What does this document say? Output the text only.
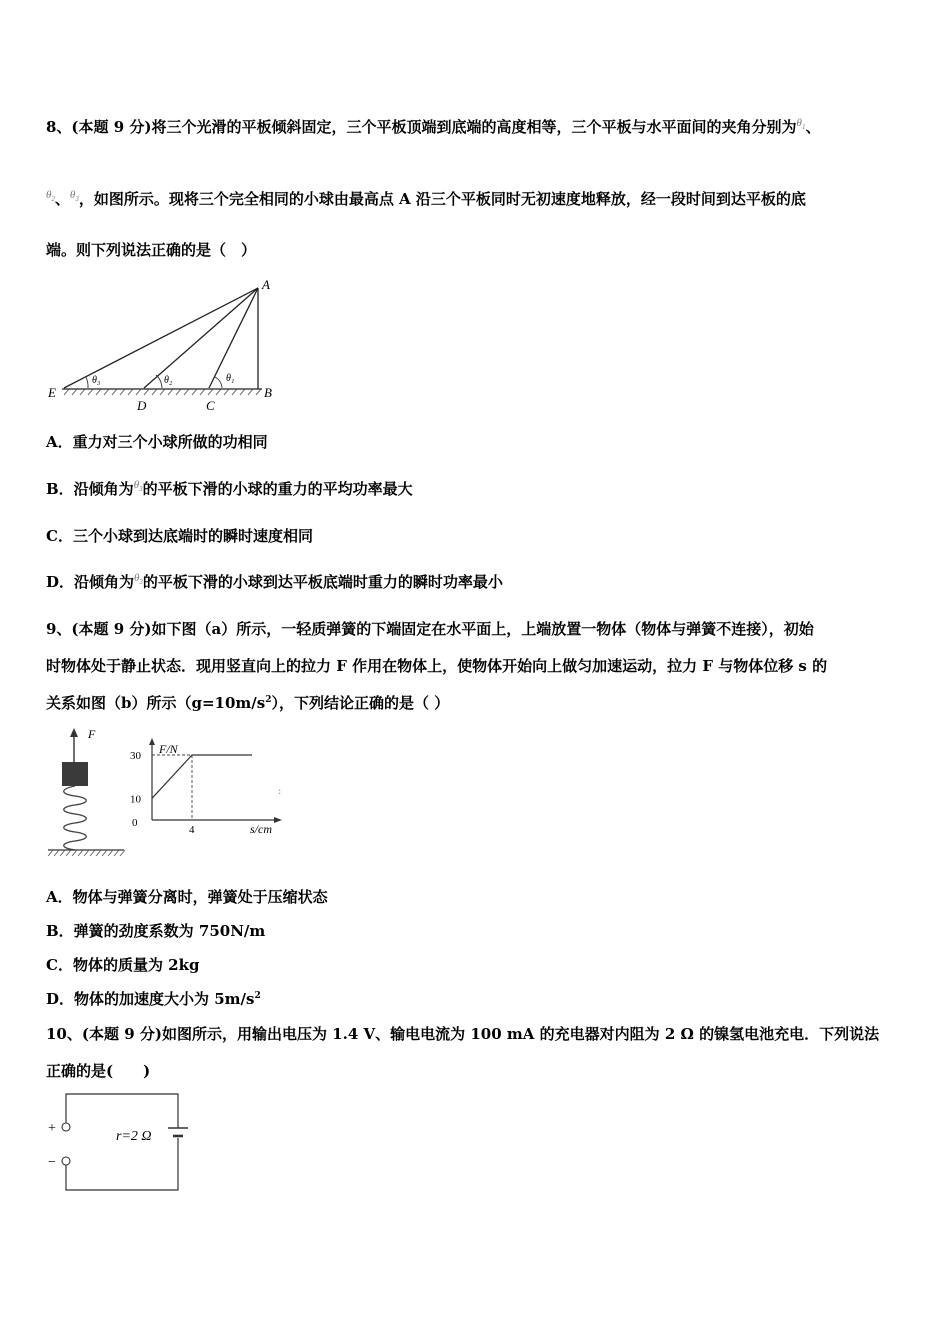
8、(本题 9 分)将三个光滑的平板倾斜固定，三个平板顶端到底端的高度相等，三个平板与水平面间的夹角分别为$\theta_1$、
$\theta_2$、$\theta_3$，如图所示。现将三个完全相同的小球由最高点 A 沿三个平板同时无初速度地释放，经一段时间到达平板的底
端。则下列说法正确的是（　）
θ₃	θ₂	θ₁
A
B
C
D
E
A．重力对三个小球所做的功相同
B．沿倾角为$\theta_3$的平板下滑的小球的重力的平均功率最大
C．三个小球到达底端时的瞬时速度相同
D．沿倾角为$\theta_3$的平板下滑的小球到达平板底端时重力的瞬时功率最小
9、(本题 9 分)如下图（a）所示，一轻质弹簧的下端固定在水平面上，上端放置一物体（物体与弹簧不连接），初始
时物体处于静止状态．现用竖直向上的拉力 F 作用在物体上，使物体开始向上做匀加速运动，拉力 F 与物体位移 s 的
关系如图（b）所示$(g=10m/s^2)$，下列结论正确的是（ ）
F
F/N
s/cm
0
10
30
4
:
A．物体与弹簧分离时，弹簧处于压缩状态
B．弹簧的劲度系数为 750N/m
C．物体的质量为 2kg
D．物体的加速度大小为 $5m/s^2$
10、(本题 9 分)如图所示，用输出电压为 1.4 V、输电电流为 100 mA 的充电器对内阻为 2 Ω 的镍氢电池充电．下列说法
正确的是(　　)
+
−
r=2 Ω
